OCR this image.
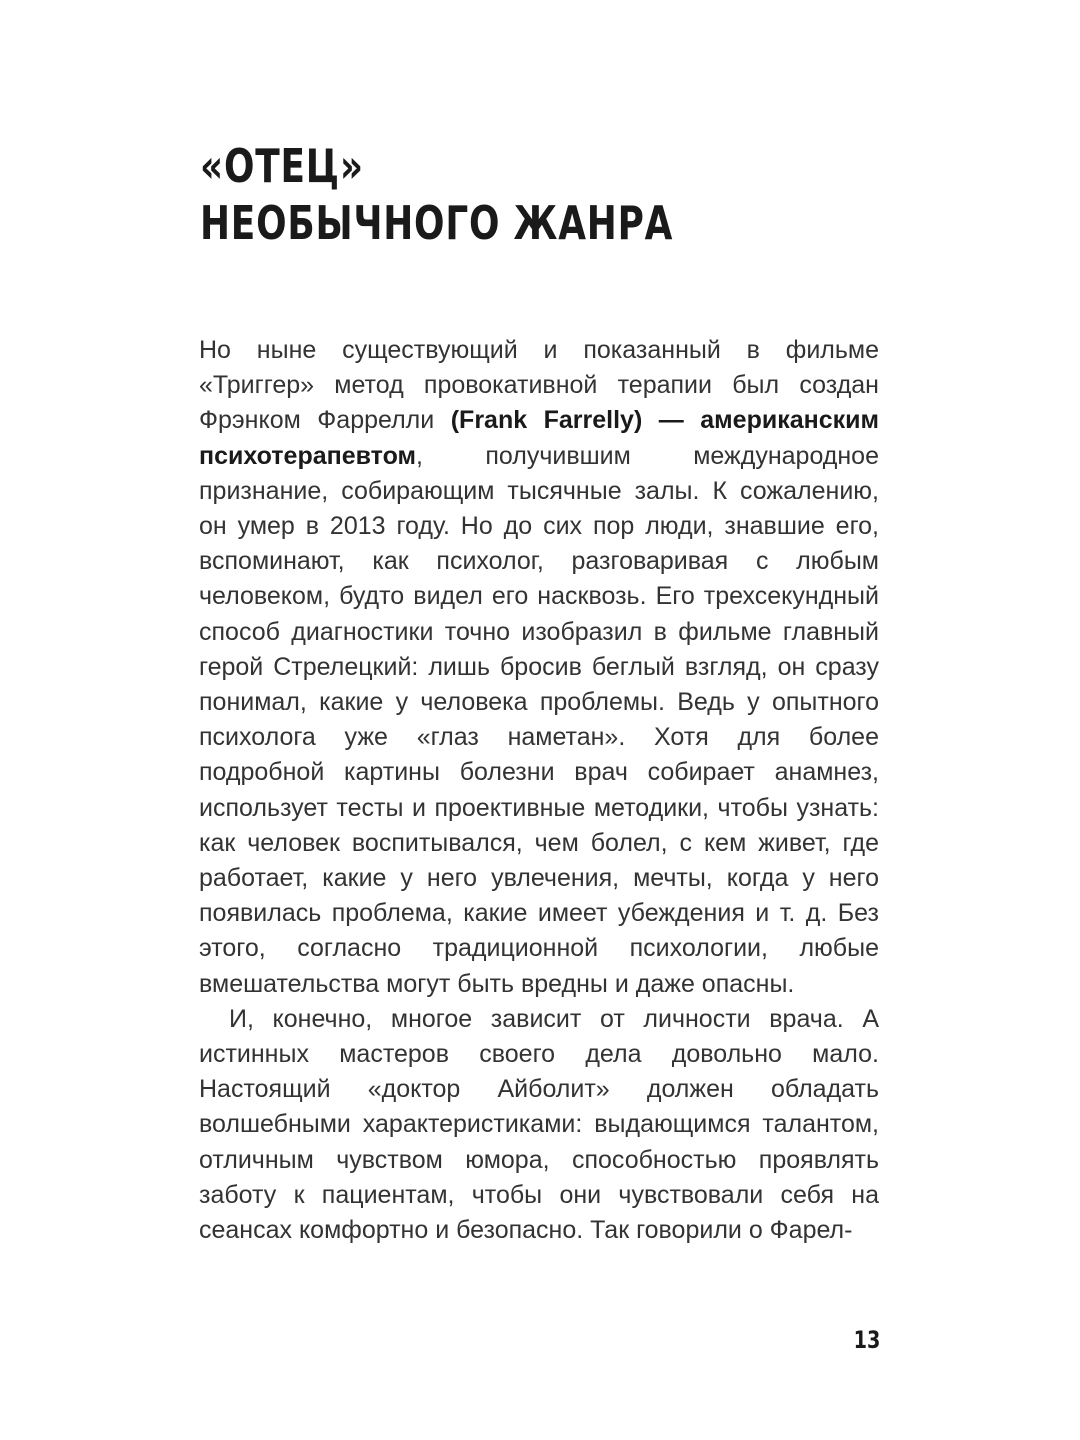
«ОТЕЦ»
НЕОБЫЧНОГО ЖАНРА

Но ныне существующий и показанный в фильме «Триггер» метод провокативной терапии был создан Фрэнком Фаррелли (Frank Farrelly) — американским психотерапевтом, получившим международное признание, собирающим тысячные залы. К сожалению, он умер в 2013 году. Но до сих пор люди, знавшие его, вспоминают, как психолог, разговаривая с любым человеком, будто видел его насквозь. Его трехсекундный способ диагностики точно изобразил в фильме главный герой Стрелецкий: лишь бросив беглый взгляд, он сразу понимал, какие у человека проблемы. Ведь у опытного психолога уже «глаз наметан». Хотя для более подробной картины болезни врач собирает анамнез, использует тесты и проективные методики, чтобы узнать: как человек воспитывался, чем болел, с кем живет, где работает, какие у него увлечения, мечты, когда у него появилась проблема, какие имеет убеждения и т. д. Без этого, согласно традиционной психологии, любые вмешательства могут быть вредны и даже опасны.

И, конечно, многое зависит от личности врача. А истинных мастеров своего дела довольно мало. Настоящий «доктор Айболит» должен обладать волшебными характеристиками: выдающимся талантом, отличным чувством юмора, способностью проявлять заботу к пациентам, чтобы они чувствовали себя на сеансах комфортно и безопасно. Так говорили о Фарел-

13
